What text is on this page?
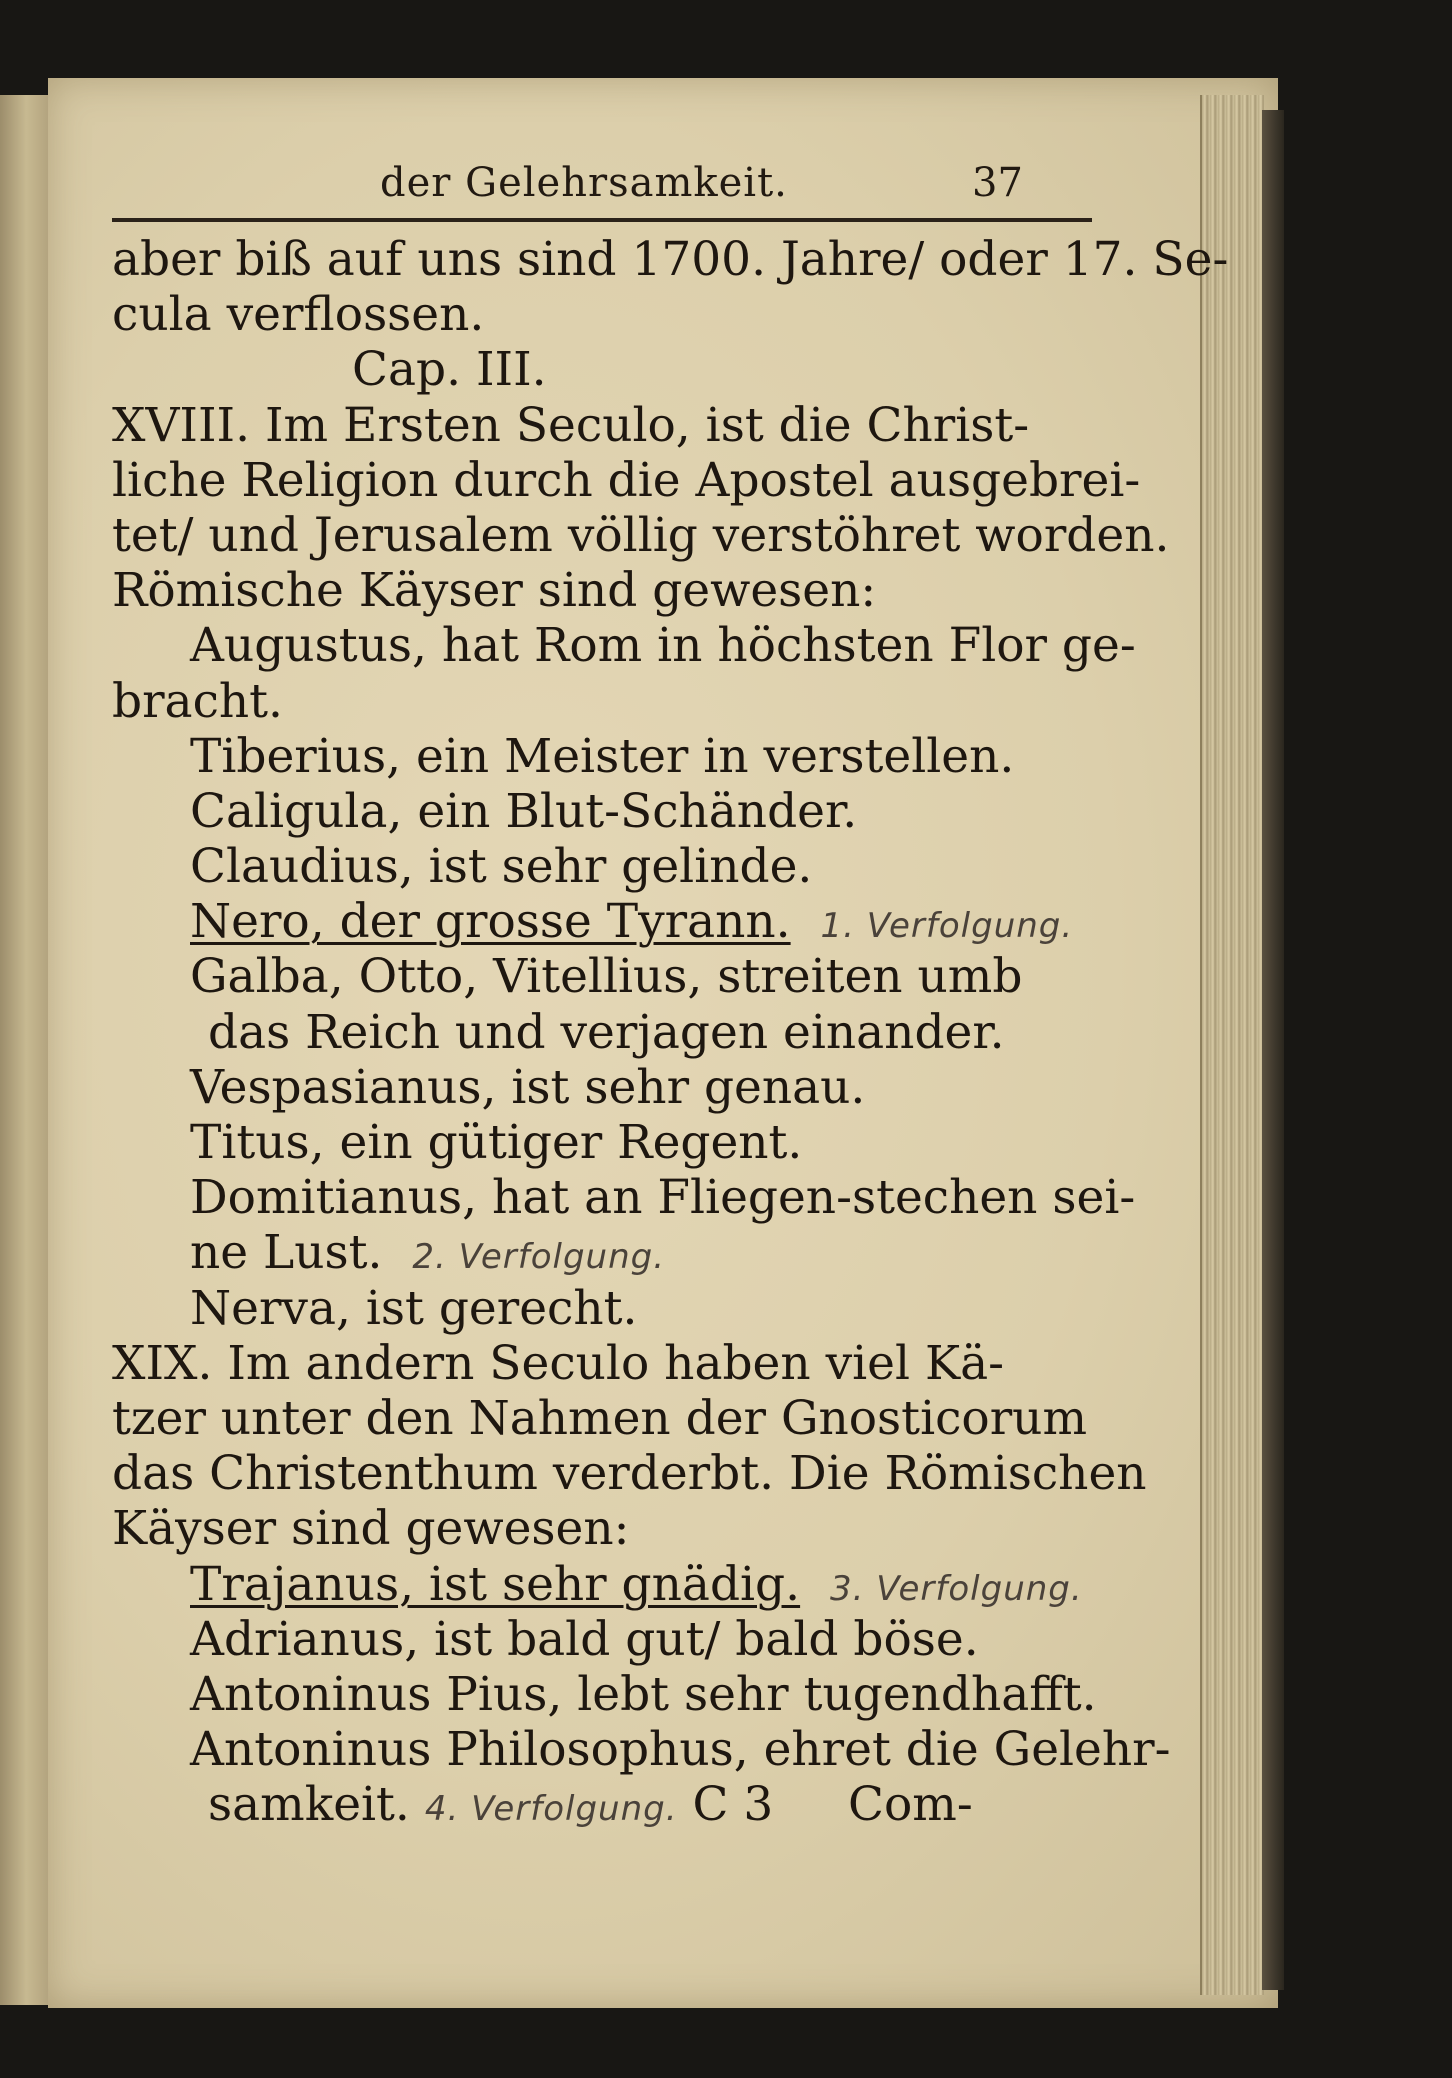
der Gelehrsamkeit.	37
aber biß auf uns sind 1700. Jahre/ oder 17. Se-
cula verflossen.
Cap. III.
XVIII. Im Ersten Seculo, ist die Christ-
liche Religion durch die Apostel ausgebrei-
tet/ und Jerusalem völlig verstöhret worden.
Römische Käyser sind gewesen:
Augustus, hat Rom in höchsten Flor ge-
bracht.
Tiberius, ein Meister in verstellen.
Caligula, ein Blut-Schänder.
Claudius, ist sehr gelinde.
Nero, der grosse Tyrann. 1. Verfolgung.
Galba, Otto, Vitellius, streiten umb
das Reich und verjagen einander.
Vespasianus, ist sehr genau.
Titus, ein gütiger Regent.
Domitianus, hat an Fliegen-stechen sei-
ne Lust. 2. Verfolgung.
Nerva, ist gerecht.
XIX. Im andern Seculo haben viel Kä-
tzer unter den Nahmen der Gnosticorum
das Christenthum verderbt. Die Römischen
Käyser sind gewesen:
Trajanus, ist sehr gnädig. 3. Verfolgung.
Adrianus, ist bald gut/ bald böse.
Antoninus Pius, lebt sehr tugendhafft.
Antoninus Philosophus, ehret die Gelehr-
samkeit. 4. Verfolgung. C 3 Com-
